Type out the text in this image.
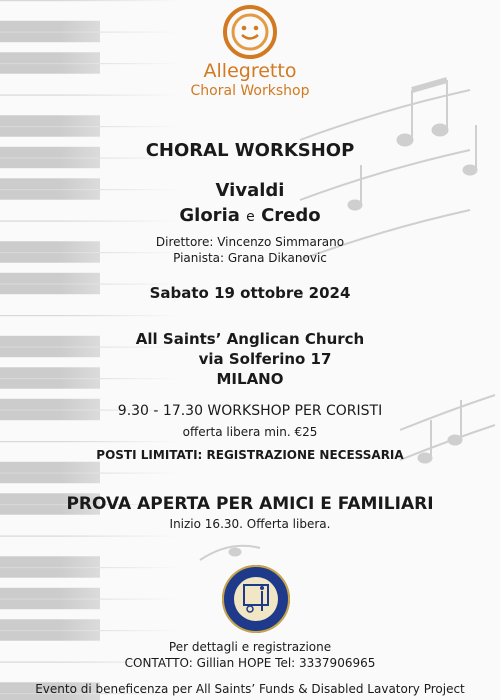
Allegretto
Choral Workshop
CHORAL WORKSHOP
Vivaldi
Gloria e Credo
Direttore: Vincenzo Simmarano
Pianista: Grana Dikanovic
Sabato 19 ottobre 2024
All Saints’ Anglican Church
via Solferino 17
MILANO
9.30 - 17.30 WORKSHOP PER CORISTI
offerta libera min. €25
POSTI LIMITATI: REGISTRAZIONE NECESSARIA
PROVA APERTA PER AMICI E FAMILIARI
Inizio 16.30. Offerta libera.
Per dettagli e registrazione
CONTATTO: Gillian HOPE Tel: 3337906965
Evento di beneficenza per All Saints’ Funds & Disabled Lavatory Project
